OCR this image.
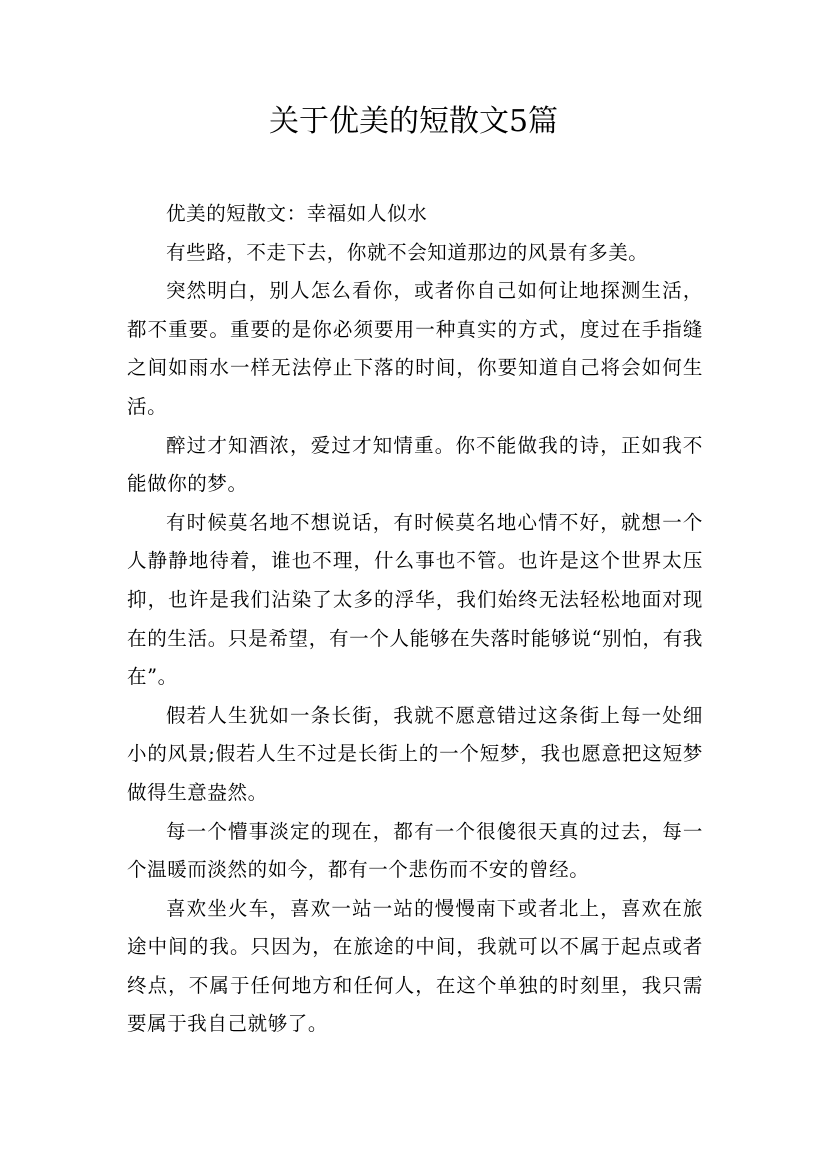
关于优美的短散文5篇

优美的短散文：幸福如人似水

有些路，不走下去，你就不会知道那边的风景有多美。

突然明白，别人怎么看你，或者你自己如何让地探测生活，都不重要。重要的是你必须要用一种真实的方式，度过在手指缝之间如雨水一样无法停止下落的时间，你要知道自己将会如何生活。

醉过才知酒浓，爱过才知情重。你不能做我的诗，正如我不能做你的梦。

有时候莫名地不想说话，有时候莫名地心情不好，就想一个人静静地待着，谁也不理，什么事也不管。也许是这个世界太压抑，也许是我们沾染了太多的浮华，我们始终无法轻松地面对现在的生活。只是希望，有一个人能够在失落时能够说“别怕，有我在”。

假若人生犹如一条长街，我就不愿意错过这条街上每一处细小的风景;假若人生不过是长街上的一个短梦，我也愿意把这短梦做得生意盎然。

每一个懵事淡定的现在，都有一个很傻很天真的过去，每一个温暖而淡然的如今，都有一个悲伤而不安的曾经。

喜欢坐火车，喜欢一站一站的慢慢南下或者北上，喜欢在旅途中间的我。只因为，在旅途的中间，我就可以不属于起点或者终点，不属于任何地方和任何人，在这个单独的时刻里，我只需要属于我自己就够了。
